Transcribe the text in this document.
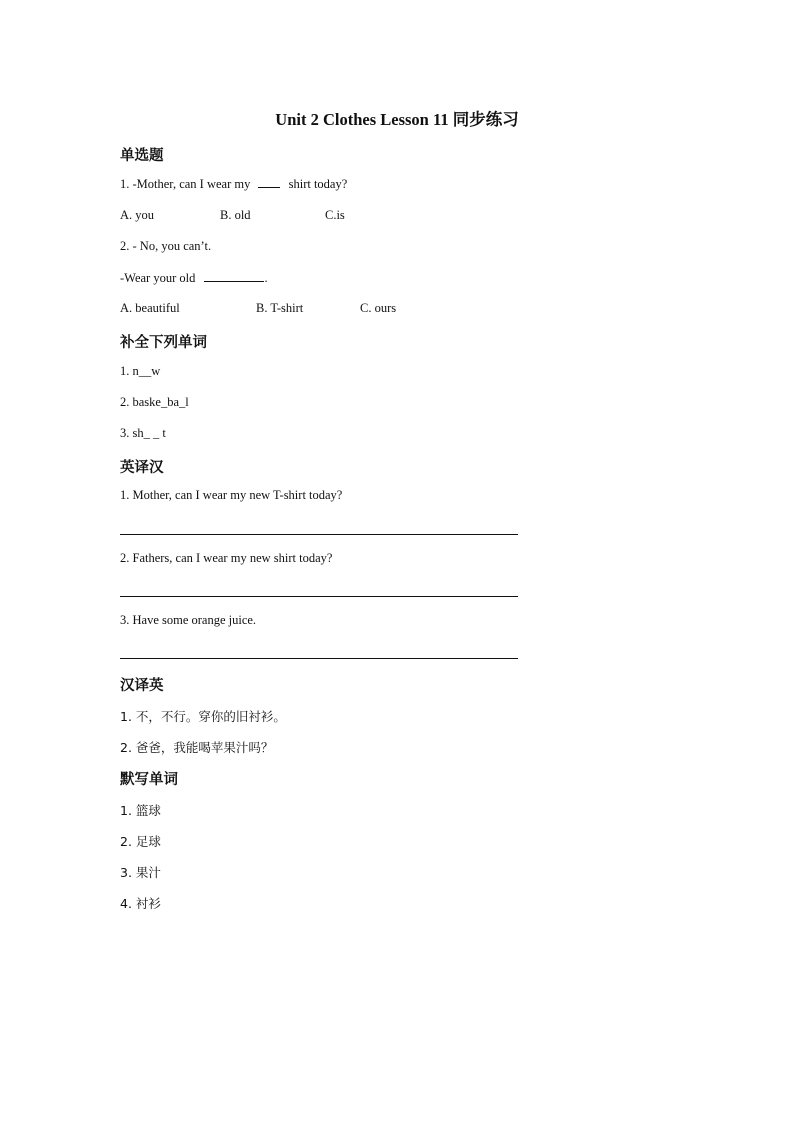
Unit 2 Clothes Lesson 11 同步练习
单选题
1. -Mother, can I wear my	shirt today?
A. you	B. old	C.is
2. - No, you can’t.
-Wear your old	.
A. beautiful	B. T-shirt	C. ours
补全下列单词
1. n__w
2. baske_ba_l
3. sh_ _ t
英译汉
1. Mother, can I wear my new T-shirt today?
2. Fathers, can I wear my new shirt today?
3. Have some orange juice.
汉译英
1. 不，不行。穿你的旧衬衫。
2. 爸爸，我能喝苹果汁吗？
默写单词
1. 篮球
2. 足球
3. 果汁
4. 衬衫
